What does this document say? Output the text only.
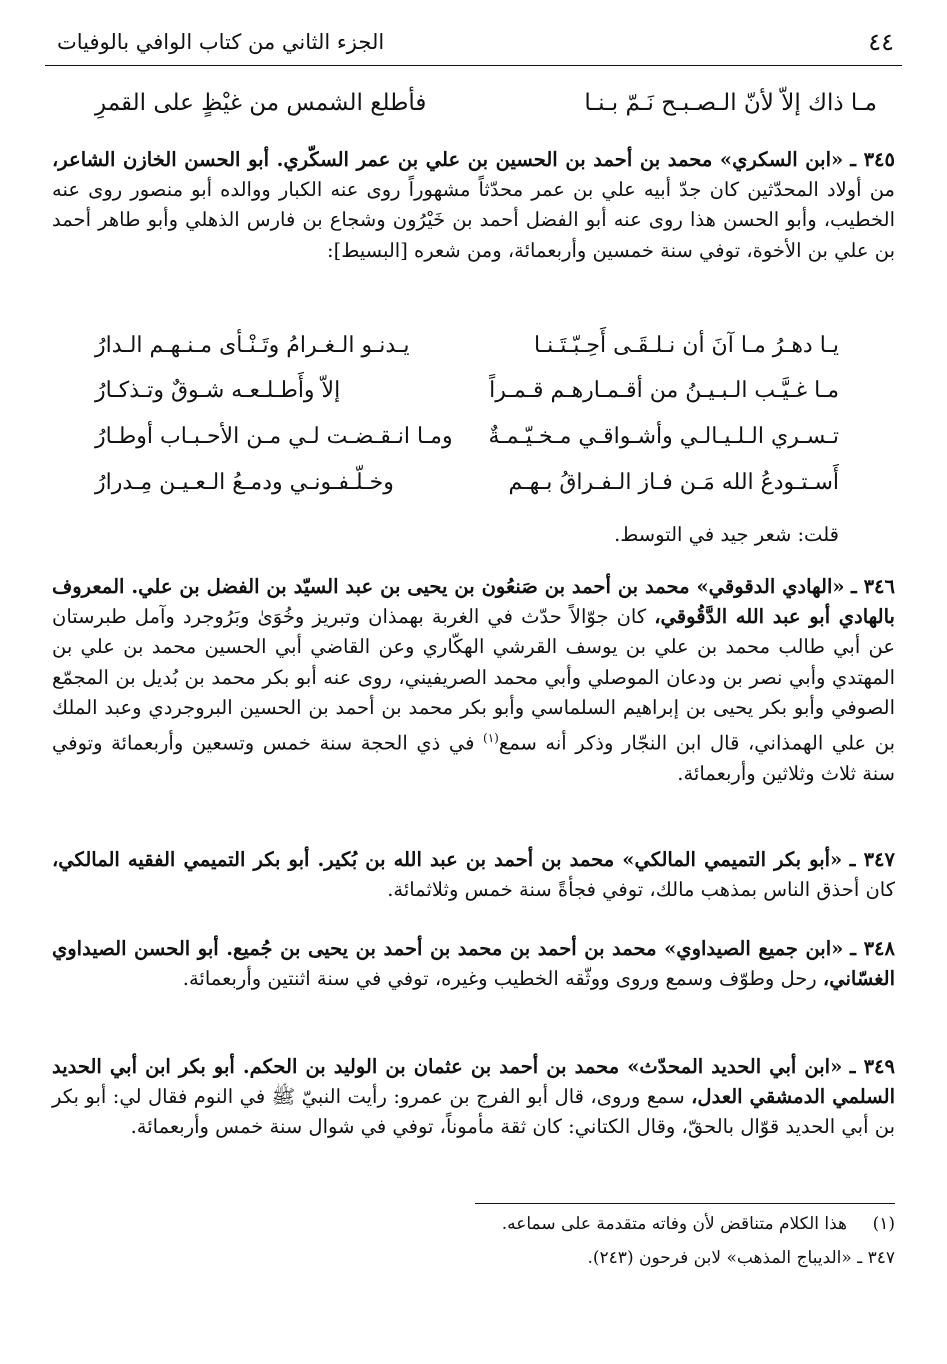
٤٤
الجزء الثاني من كتاب الوافي بالوفيات
مـا ذاك إلاّ لأنّ الـصـبـح نَـمّ بـنـا
فأطلع الشمس من غيْظٍ على القمرِ

٣٤٥ ـ «ابن السكري» محمد بن أحمد بن الحسين بن علي بن عمر السكّري. أبو الحسن الخازن الشاعر، من أولاد المحدّثين كان جدّ أبيه علي بن عمر محدّثاً مشهوراً روى عنه الكبار ووالده أبو منصور روى عنه الخطيب، وأبو الحسن هذا روى عنه أبو الفضل أحمد بن خَيْرُون وشجاع بن فارس الذهلي وأبو طاهر أحمد بن علي بن الأخوة، توفي سنة خمسين وأربعمائة، ومن شعره [البسيط]:

يـا دهـرُ مـا آنَ أن نـلـقَـى أَحِـبّـتَـنـا
يـدنـو الـغـرامُ وتَـنْـأى مـنـهـم الـدارُ
مـا غـيَّـب الـبـيـنُ من أقـمـارهـم قـمـراً
إلاّ وأَطـلـعـه شـوقٌ وتـذكـارُ
تـسـري الـلـيـالـي وأشـواقـي مـخـيّـمـةٌ
ومـا انـقـضـت لـي مـن الأحـبـاب أوطـارُ
أَسـتـودعُ الله مَـن فـاز الـفـراقُ بـهـم
وخـلّـفـونـي ودمـعُ الـعـيـن مِـدرارُ
قلت: شعر جيد في التوسط.

٣٤٦ ـ «الهادي الدقوقي» محمد بن أحمد بن صَنعُون بن يحيى بن عبد السيّد بن الفضل بن علي. المعروف بالهادي أبو عبد الله الدَّقُوقي، كان جوّالاً حدّث في الغربة بهمذان وتبريز وخُوَىٰ وبَرُوجرد وآمل طبرستان عن أبي طالب محمد بن علي بن يوسف القرشي الهكّاري وعن القاضي أبي الحسين محمد بن علي بن المهتدي وأبي نصر بن ودعان الموصلي وأبي محمد الصريفيني، روى عنه أبو بكر محمد بن بُديل بن المجمّع الصوفي وأبو بكر يحيى بن إبراهيم السلماسي وأبو بكر محمد بن أحمد بن الحسين البروجردي وعبد الملك بن علي الهمذاني، قال ابن النجّار وذكر أنه سمع$^{(١)}$ في ذي الحجة سنة خمس وتسعين وأربعمائة وتوفي سنة ثلاث وثلاثين وأربعمائة.

٣٤٧ ـ «أبو بكر التميمي المالكي» محمد بن أحمد بن عبد الله بن بُكير. أبو بكر التميمي الفقيه المالكي، كان أحذق الناس بمذهب مالك، توفي فجأةً سنة خمس وثلاثمائة.

٣٤٨ ـ «ابن جميع الصيداوي» محمد بن أحمد بن محمد بن أحمد بن يحيى بن جُميع. أبو الحسن الصيداوي الغسّاني، رحل وطوّف وسمع وروى ووثّقه الخطيب وغيره، توفي في سنة اثنتين وأربعمائة.

٣٤٩ ـ «ابن أبي الحديد المحدّث» محمد بن أحمد بن عثمان بن الوليد بن الحكم. أبو بكر ابن أبي الحديد السلمي الدمشقي العدل، سمع وروى، قال أبو الفرج بن عمرو: رأيت النبيّ ﷺ في النوم فقال لي: أبو بكر بن أبي الحديد قوّال بالحقّ، وقال الكتاني: كان ثقة مأموناً، توفي في شوال سنة خمس وأربعمائة.

(١)هذا الكلام متناقض لأن وفاته متقدمة على سماعه.
٣٤٧ ـ «الديباج المذهب» لابن فرحون (٢٤٣).
